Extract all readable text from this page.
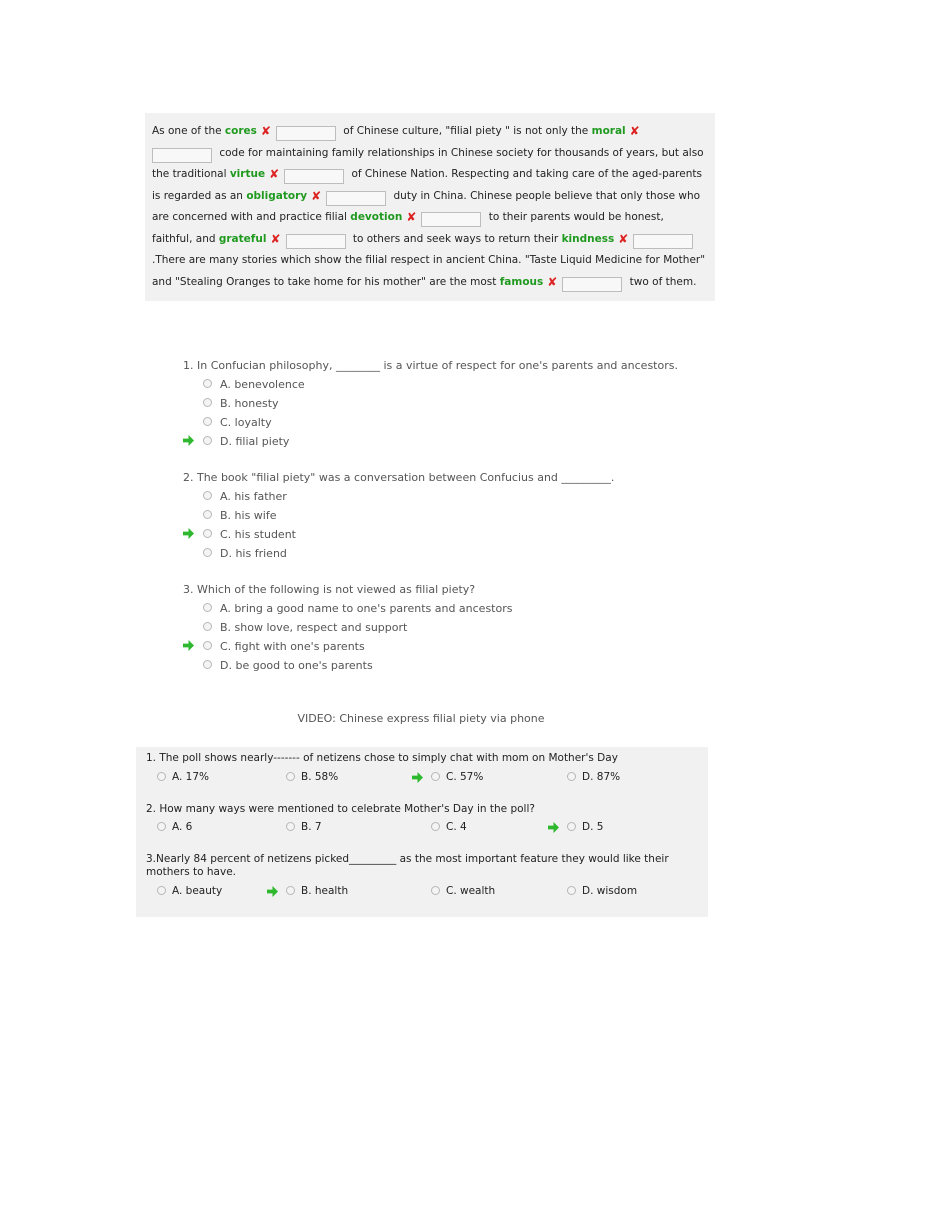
As one of the cores ✘	of Chinese culture, "filial piety " is not only the moral ✘ code for maintaining family relationships in Chinese society for thousands of years, but also the traditional virtue ✘	of Chinese Nation. Respecting and taking care of the aged-parents is regarded as an obligatory ✘	duty in China. Chinese people believe that only those who are concerned with and practice filial devotion ✘	to their parents would be honest, faithful, and grateful ✘	to others and seek ways to return their kindness ✘ .There are many stories which show the filial respect in ancient China. "Taste Liquid Medicine for Mother" and "Stealing Oranges to take home for his mother" are the most famous ✘	two of them.
1. In Confucian philosophy, ________ is a virtue of respect for one's parents and ancestors.
A. benevolence
B. honesty
C. loyalty
D. filial piety
2. The book "filial piety" was a conversation between Confucius and _________.
A. his father
B. his wife
C. his student
D. his friend
3. Which of the following is not viewed as filial piety?
A. bring a good name to one's parents and ancestors
B. show love, respect and support
C. fight with one's parents
D. be good to one's parents
VIDEO: Chinese express filial piety via phone
1. The poll shows nearly------- of netizens chose to simply chat with mom on Mother's Day
A. 17%	B. 58%	C. 57%	D. 87%
2. How many ways were mentioned to celebrate Mother's Day in the poll?
A. 6	B. 7	C. 4	D. 5
3.Nearly 84 percent of netizens picked_________ as the most important feature they would like their mothers to have.
A. beauty	B. health	C. wealth	D. wisdom
